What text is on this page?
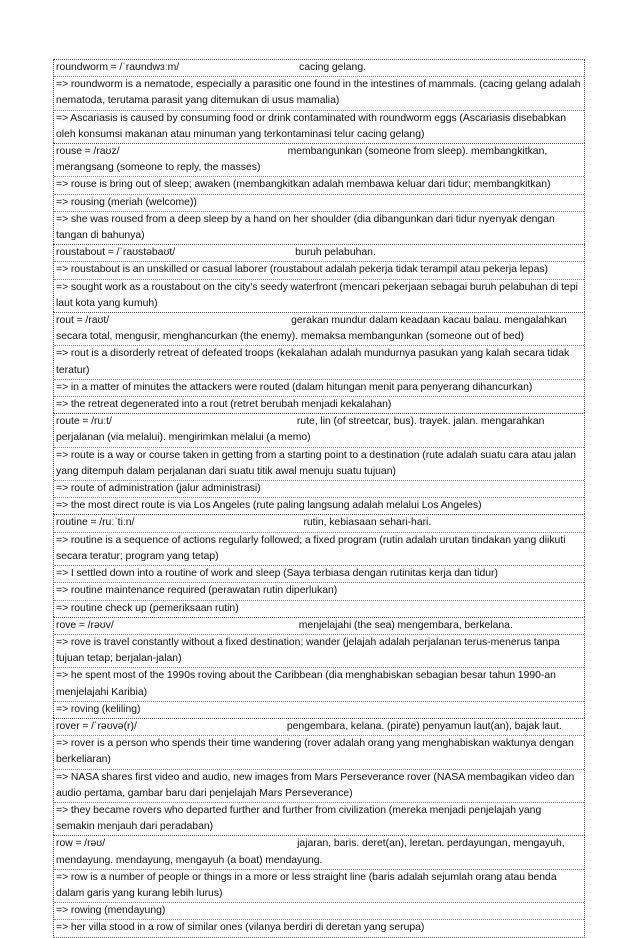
roundworm = /ˈraʊndwɜːm/	cacing gelang.
=> roundworm is a nematode, especially a parasitic one found in the intestines of mammals. (cacing gelang adalah nematoda, terutama parasit yang ditemukan di usus mamalia)
=> Ascariasis is caused by consuming food or drink contaminated with roundworm eggs (Ascariasis disebabkan oleh konsumsi makanan atau minuman yang terkontaminasi telur cacing gelang)
rouse = /raʊz/	membangunkan (someone from sleep). membangkitkan, merangsang (someone to reply, the masses)
=> rouse is bring out of sleep; awaken (membangkitkan adalah membawa keluar dari tidur; membangkitkan)
=> rousing (meriah (welcome))
=> she was roused from a deep sleep by a hand on her shoulder (dia dibangunkan dari tidur nyenyak dengan tangan di bahunya)
roustabout = /ˈraʊstəbaʊt/	buruh pelabuhan.
=> roustabout is an unskilled or casual laborer (roustabout adalah pekerja tidak terampil atau pekerja lepas)
=> sought work as a roustabout on the city's seedy waterfront (mencari pekerjaan sebagai buruh pelabuhan di tepi laut kota yang kumuh)
rout = /raʊt/	gerakan mundur dalam keadaan kacau balau. mengalahkan secara total, mengusir, menghancurkan (the enemy). memaksa membangunkan (someone out of bed)
=> rout is a disorderly retreat of defeated troops (kekalahan adalah mundurnya pasukan yang kalah secara tidak teratur)
=> in a matter of minutes the attackers were routed (dalam hitungan menit para penyerang dihancurkan)
=> the retreat degenerated into a rout (retret berubah menjadi kekalahan)
route = /ruːt/	rute, lin (of streetcar, bus). trayek. jalan. mengarahkan perjalanan (via melalui). mengirimkan melalui (a memo)
=> route is a way or course taken in getting from a starting point to a destination (rute adalah suatu cara atau jalan yang ditempuh dalam perjalanan dari suatu titik awal menuju suatu tujuan)
=> route of administration (jalur administrasi)
=> the most direct route is via Los Angeles (rute paling langsung adalah melalui Los Angeles)
routine = /ruːˈtiːn/	rutin, kebiasaan sehari-hari.
=> routine is a sequence of actions regularly followed; a fixed program (rutin adalah urutan tindakan yang diikuti secara teratur; program yang tetap)
=> I settled down into a routine of work and sleep (Saya terbiasa dengan rutinitas kerja dan tidur)
=> routine maintenance required (perawatan rutin diperlukan)
=> routine check up (pemeriksaan rutin)
rove = /rəʊv/	menjelajahi (the sea) mengembara, berkelana.
=> rove is travel constantly without a fixed destination; wander (jelajah adalah perjalanan terus-menerus tanpa tujuan tetap; berjalan-jalan)
=> he spent most of the 1990s roving about the Caribbean (dia menghabiskan sebagian besar tahun 1990-an menjelajahi Karibia)
=> roving (keliling)
rover = /ˈrəʊvə(r)/	pengembara, kelana. (pirate) penyamun laut(an), bajak laut.
=> rover is a person who spends their time wandering (rover adalah orang yang menghabiskan waktunya dengan berkeliaran)
=> NASA shares first video and audio, new images from Mars Perseverance rover (NASA membagikan video dan audio pertama, gambar baru dari penjelajah Mars Perseverance)
=> they became rovers who departed further and further from civilization (mereka menjadi penjelajah yang semakin menjauh dari peradaban)
row = /rəʊ/	jajaran, baris. deret(an), leretan. perdayungan, mengayuh, mendayung. mendayung, mengayuh (a boat) mendayung.
=> row is a number of people or things in a more or less straight line (baris adalah sejumlah orang atau benda dalam garis yang kurang lebih lurus)
=> rowing (mendayung)
=> her villa stood in a row of similar ones (vilanya berdiri di deretan yang serupa)
